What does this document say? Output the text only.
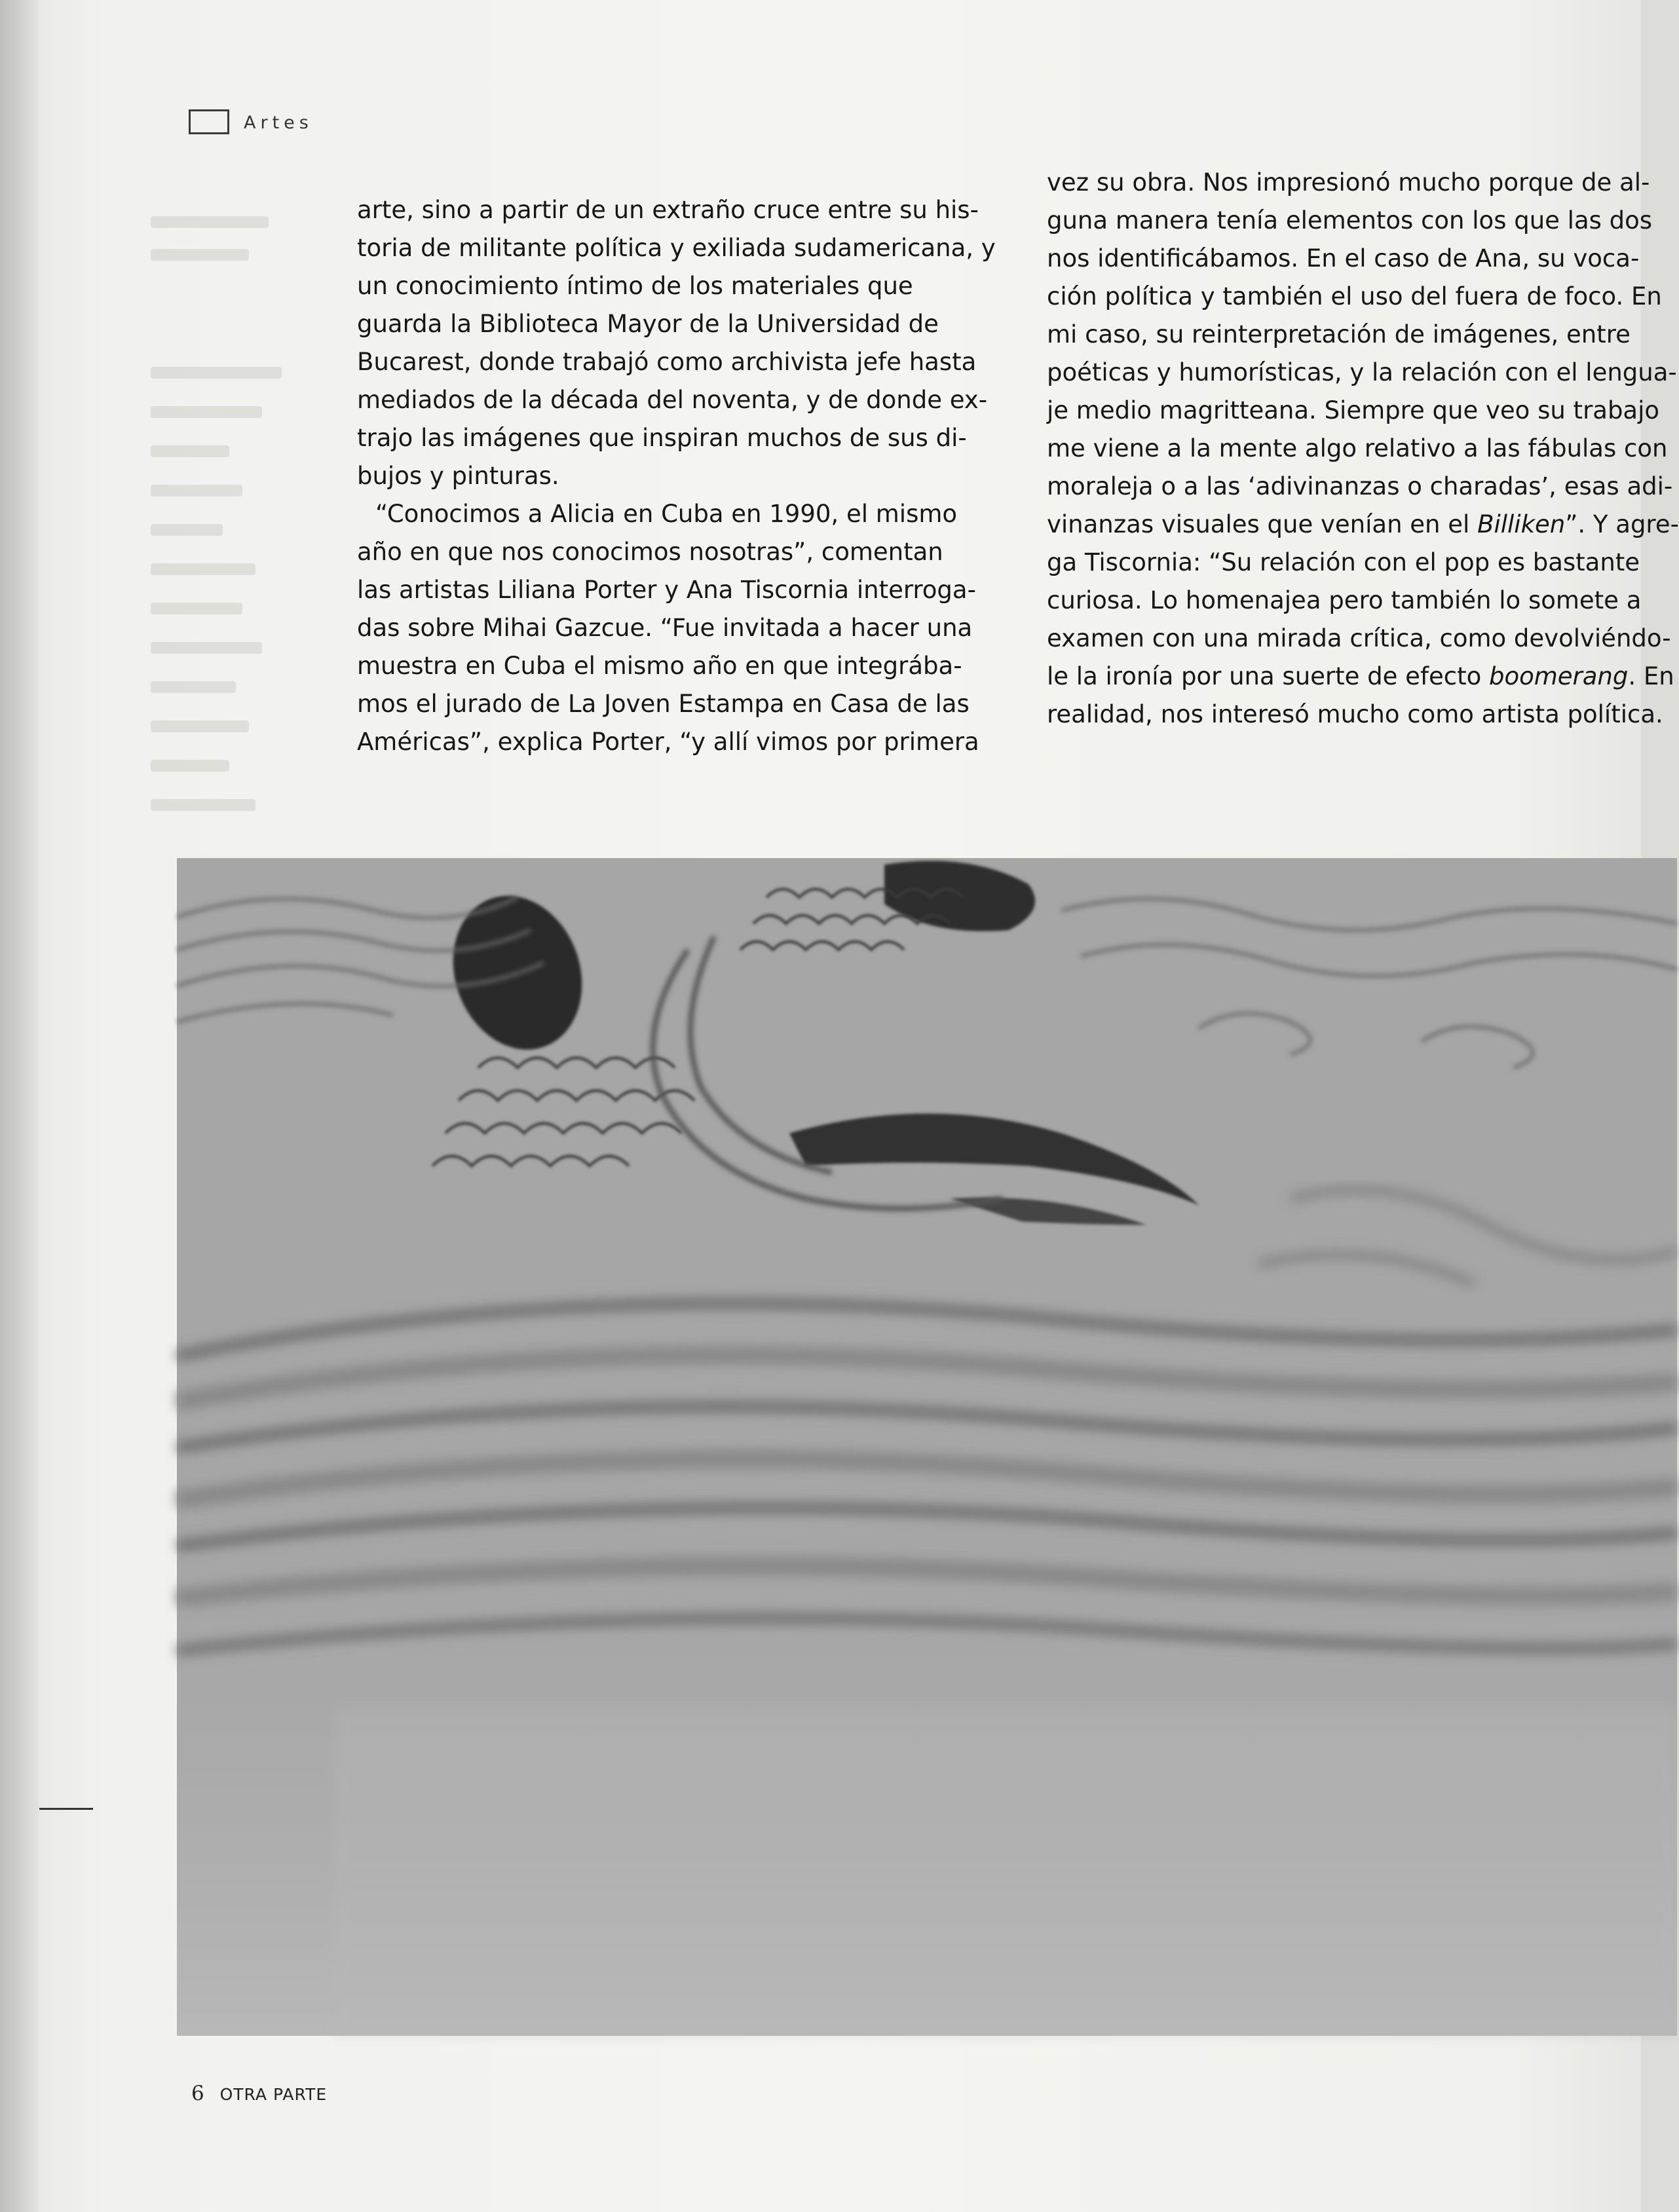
Artes
arte, sino a partir de un extraño cruce entre su his-
toria de militante política y exiliada sudamericana, y
un conocimiento íntimo de los materiales que
guarda la Biblioteca Mayor de la Universidad de
Bucarest, donde trabajó como archivista jefe hasta
mediados de la década del noventa, y de donde ex-
trajo las imágenes que inspiran muchos de sus di-
bujos y pinturas.
“Conocimos a Alicia en Cuba en 1990, el mismo
año en que nos conocimos nosotras”, comentan
las artistas Liliana Porter y Ana Tiscornia interroga-
das sobre Mihai Gazcue. “Fue invitada a hacer una
muestra en Cuba el mismo año en que integrába-
mos el jurado de La Joven Estampa en Casa de las
Américas”, explica Porter, “y allí vimos por primera
vez su obra. Nos impresionó mucho porque de al-
guna manera tenía elementos con los que las dos
nos identificábamos. En el caso de Ana, su voca-
ción política y también el uso del fuera de foco. En
mi caso, su reinterpretación de imágenes, entre
poéticas y humorísticas, y la relación con el lengua-
je medio magritteana. Siempre que veo su trabajo
me viene a la mente algo relativo a las fábulas con
moraleja o a las ‘adivinanzas o charadas’, esas adi-
vinanzas visuales que venían en el Billiken”. Y agre-
ga Tiscornia: “Su relación con el pop es bastante
curiosa. Lo homenajea pero también lo somete a
examen con una mirada crítica, como devolviéndo-
le la ironía por una suerte de efecto boomerang. En
realidad, nos interesó mucho como artista política.
6 OTRA PARTE
